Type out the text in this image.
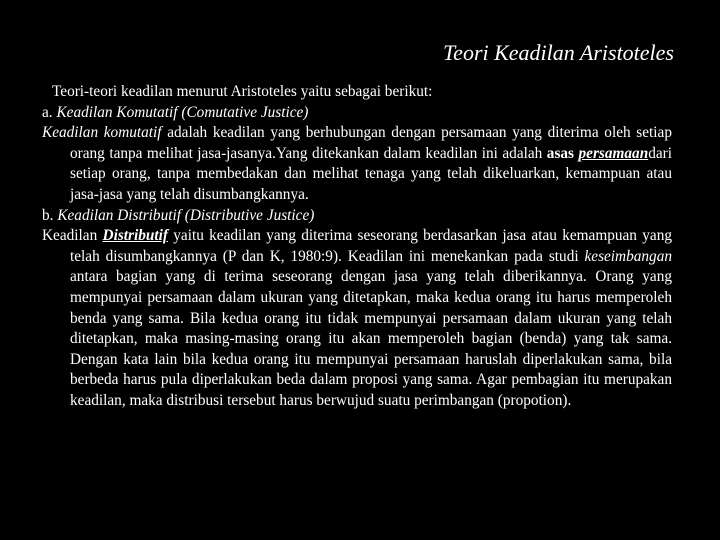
Teori Keadilan Aristoteles
Teori-teori keadilan menurut Aristoteles yaitu sebagai berikut:
a. Keadilan Komutatif (Comutative Justice)
Keadilan komutatif adalah keadilan yang berhubungan dengan persamaan yang diterima oleh setiap orang tanpa melihat jasa-jasanya.Yang ditekankan dalam keadilan ini adalah asas persamaandari setiap orang, tanpa membedakan dan melihat tenaga yang telah dikeluarkan, kemampuan atau jasa-jasa yang telah disumbangkannya.
b. Keadilan Distributif (Distributive Justice)
Keadilan Distributif yaitu keadilan yang diterima seseorang berdasarkan jasa atau kemampuan yang telah disumbangkannya (P dan K, 1980:9). Keadilan ini menekankan pada studi keseimbangan antara bagian yang di terima seseorang dengan jasa yang telah diberikannya. Orang yang mempunyai persamaan dalam ukuran yang ditetapkan, maka kedua orang itu harus memperoleh benda yang sama. Bila kedua orang itu tidak mempunyai persamaan dalam ukuran yang telah ditetapkan, maka masing-masing orang itu akan memperoleh bagian (benda) yang tak sama. Dengan kata lain bila kedua orang itu mempunyai persamaan haruslah diperlakukan sama, bila berbeda harus pula diperlakukan beda dalam proposi yang sama. Agar pembagian itu merupakan keadilan, maka distribusi tersebut harus berwujud suatu perimbangan (propotion).
